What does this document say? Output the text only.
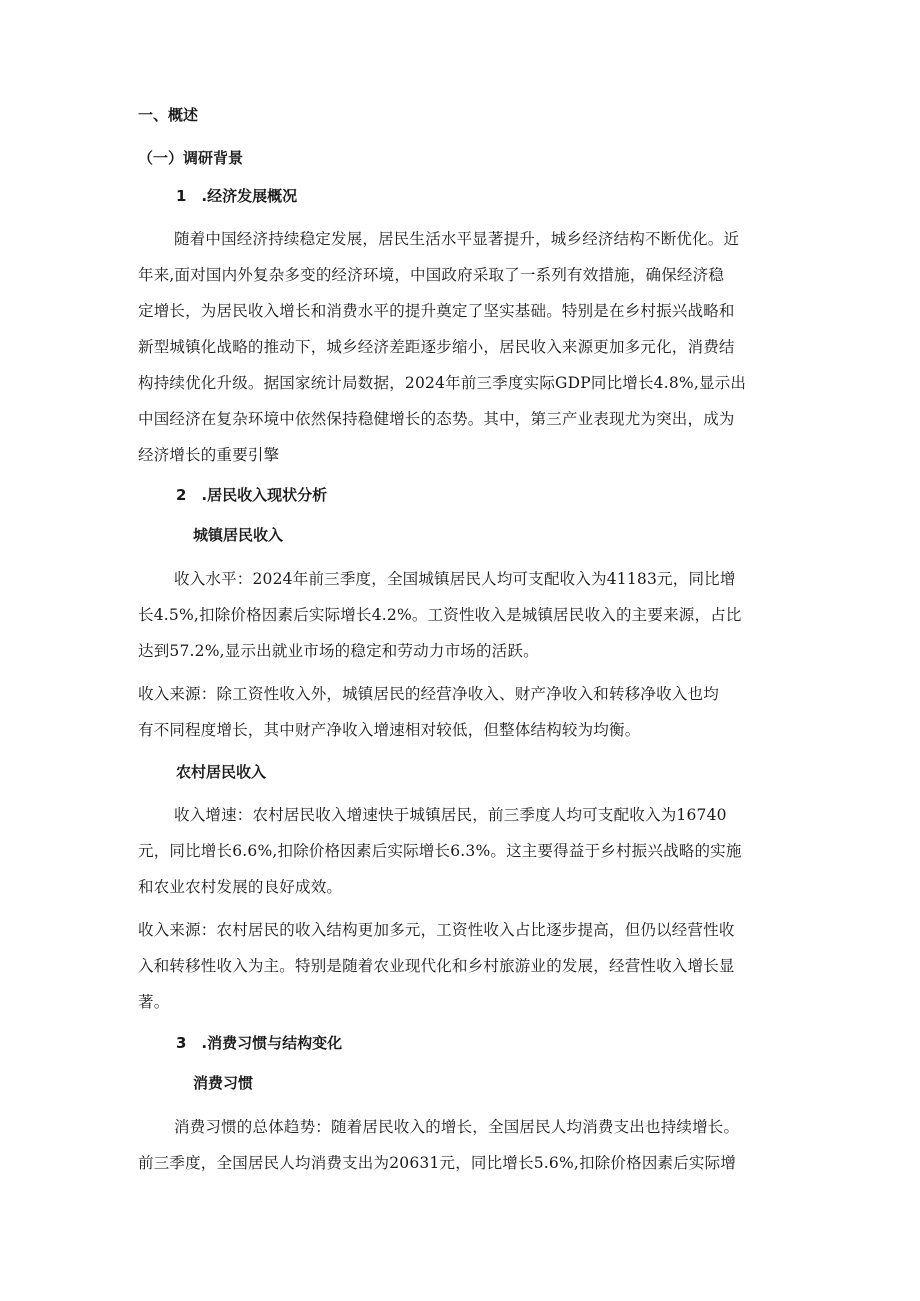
一、概述
（一）调研背景
1　.经济发展概况

随着中国经济持续稳定发展，居民生活水平显著提升，城乡经济结构不断优化。近

年来,面对国内外复杂多变的经济环境，中国政府采取了一系列有效措施，确保经济稳

定增长，为居民收入增长和消费水平的提升奠定了坚实基础。特别是在乡村振兴战略和

新型城镇化战略的推动下，城乡经济差距逐步缩小，居民收入来源更加多元化，消费结

构持续优化升级。据国家统计局数据，2024年前三季度实际GDP同比增长4.8%,显示出

中国经济在复杂环境中依然保持稳健增长的态势。其中，第三产业表现尤为突出，成为

经济增长的重要引擎

2　.居民收入现状分析
城镇居民收入

收入水平：2024年前三季度，全国城镇居民人均可支配收入为41183元，同比增

长4.5%,扣除价格因素后实际增长4.2%。工资性收入是城镇居民收入的主要来源，占比

达到57.2%,显示出就业市场的稳定和劳动力市场的活跃。

收入来源：除工资性收入外，城镇居民的经营净收入、财产净收入和转移净收入也均

有不同程度增长，其中财产净收入增速相对较低，但整体结构较为均衡。

农村居民收入

收入增速：农村居民收入增速快于城镇居民，前三季度人均可支配收入为16740

元，同比增长6.6%,扣除价格因素后实际增长6.3%。这主要得益于乡村振兴战略的实施

和农业农村发展的良好成效。

收入来源：农村居民的收入结构更加多元，工资性收入占比逐步提高，但仍以经营性收

入和转移性收入为主。特别是随着农业现代化和乡村旅游业的发展，经营性收入增长显

著。

3　.消费习惯与结构变化
消费习惯

消费习惯的总体趋势：随着居民收入的增长，全国居民人均消费支出也持续增长。

前三季度，全国居民人均消费支出为20631元，同比增长5.6%,扣除价格因素后实际增
